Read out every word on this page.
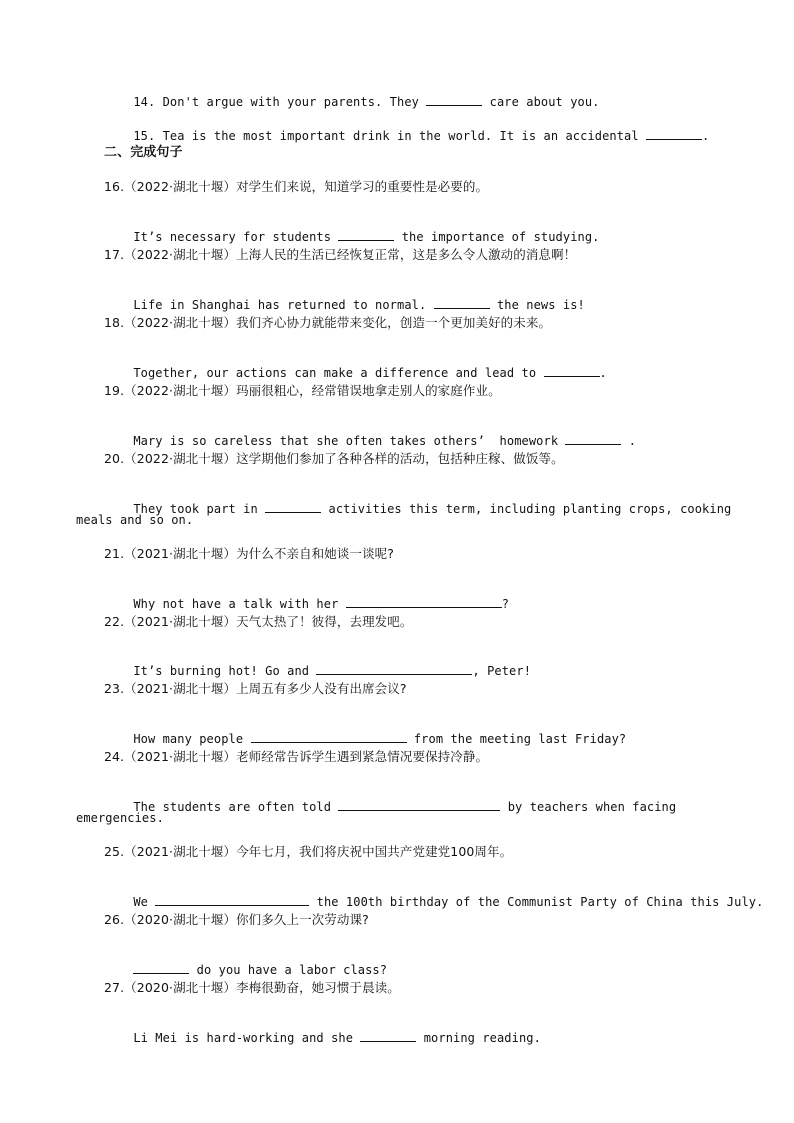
14. Don't argue with your parents. They	care about you.

15. Tea is the most important drink in the world. It is an accidental	.

二、完成句子
16.（2022·湖北十堰）对学生们来说，知道学习的重要性是必要的。

It’s necessary for students	the importance of studying.

17.（2022·湖北十堰）上海人民的生活已经恢复正常，这是多么令人激动的消息啊！

Life in Shanghai has returned to normal.	the news is!

18.（2022·湖北十堰）我们齐心协力就能带来变化，创造一个更加美好的未来。

Together, our actions can make a difference and lead to	.

19.（2022·湖北十堰）玛丽很粗心，经常错误地拿走别人的家庭作业。

Mary is so careless that she often takes others’  homework	.

20.（2022·湖北十堰）这学期他们参加了各种各样的活动，包括种庄稼、做饭等。

They took part in	activities this term, including planting crops, cooking

meals and so on.
21.（2021·湖北十堰）为什么不亲自和她谈一谈呢?

Why not have a talk with her	?

22.（2021·湖北十堰）天气太热了！彼得，去理发吧。

It’s burning hot! Go and	, Peter!

23.（2021·湖北十堰）上周五有多少人没有出席会议?

How many people	from the meeting last Friday?

24.（2021·湖北十堰）老师经常告诉学生遇到紧急情况要保持冷静。

The students are often told	by teachers when facing

emergencies.
25.（2021·湖北十堰）今年七月，我们将庆祝中国共产党建党100周年。

We	the 100th birthday of the Communist Party of China this July.

26.（2020·湖北十堰）你们多久上一次劳动课?

do you have a labor class?

27.（2020·湖北十堰）李梅很勤奋，她习惯于晨读。

Li Mei is hard-working and she	morning reading.
